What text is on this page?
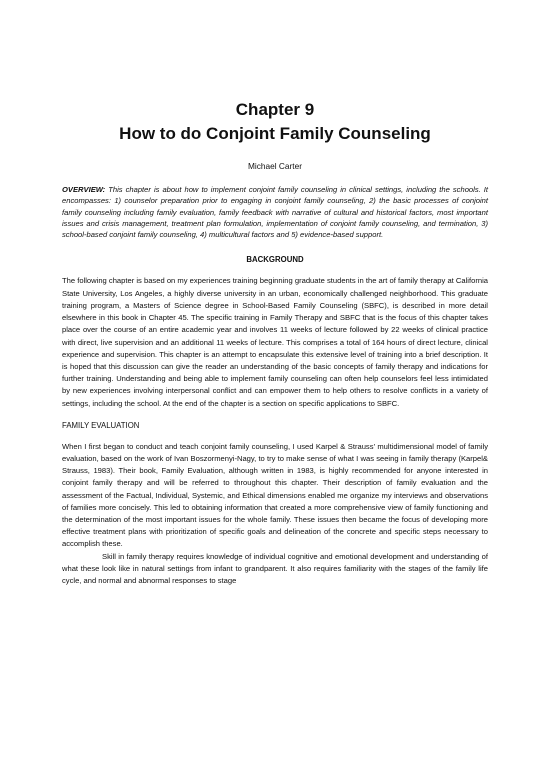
Chapter 9
How to do Conjoint Family Counseling

Michael Carter

OVERVIEW: This chapter is about how to implement conjoint family counseling in clinical settings, including the schools. It encompasses: 1) counselor preparation prior to engaging in conjoint family counseling, 2) the basic processes of conjoint family counseling including family evaluation, family feedback with narrative of cultural and historical factors, most important issues and crisis management, treatment plan formulation, implementation of conjoint family counseling, and termination, 3) school-based conjoint family counseling, 4) multicultural factors and 5) evidence-based support.

BACKGROUND

The following chapter is based on my experiences training beginning graduate students in the art of family therapy at California State University, Los Angeles, a highly diverse university in an urban, economically challenged neighborhood. This graduate training program, a Masters of Science degree in School-Based Family Counseling (SBFC), is described in more detail elsewhere in this book in Chapter 45. The specific training in Family Therapy and SBFC that is the focus of this chapter takes place over the course of an entire academic year and involves 11 weeks of lecture followed by 22 weeks of clinical practice with direct, live supervision and an additional 11 weeks of lecture. This comprises a total of 164 hours of direct lecture, clinical experience and supervision. This chapter is an attempt to encapsulate this extensive level of training into a brief description. It is hoped that this discussion can give the reader an understanding of the basic concepts of family therapy and indications for further training. Understanding and being able to implement family counseling can often help counselors feel less intimidated by new experiences involving interpersonal conflict and can empower them to help others to resolve conflicts in a variety of settings, including the school. At the end of the chapter is a section on specific applications to SBFC.

FAMILY EVALUATION

When I first began to conduct and teach conjoint family counseling, I used Karpel & Strauss’ multidimensional model of family evaluation, based on the work of Ivan Boszormenyi-Nagy, to try to make sense of what I was seeing in family therapy (Karpel& Strauss, 1983). Their book, Family Evaluation, although written in 1983, is highly recommended for anyone interested in conjoint family therapy and will be referred to throughout this chapter. Their description of family evaluation and the assessment of the Factual, Individual, Systemic, and Ethical dimensions enabled me organize my interviews and observations of families more concisely. This led to obtaining information that created a more comprehensive view of family functioning and the determination of the most important issues for the whole family. These issues then became the focus of developing more effective treatment plans with prioritization of specific goals and delineation of the concrete and specific steps necessary to accomplish these.

Skill in family therapy requires knowledge of individual cognitive and emotional development and understanding of what these look like in natural settings from infant to grandparent. It also requires familiarity with the stages of the family life cycle, and normal and abnormal responses to stage
